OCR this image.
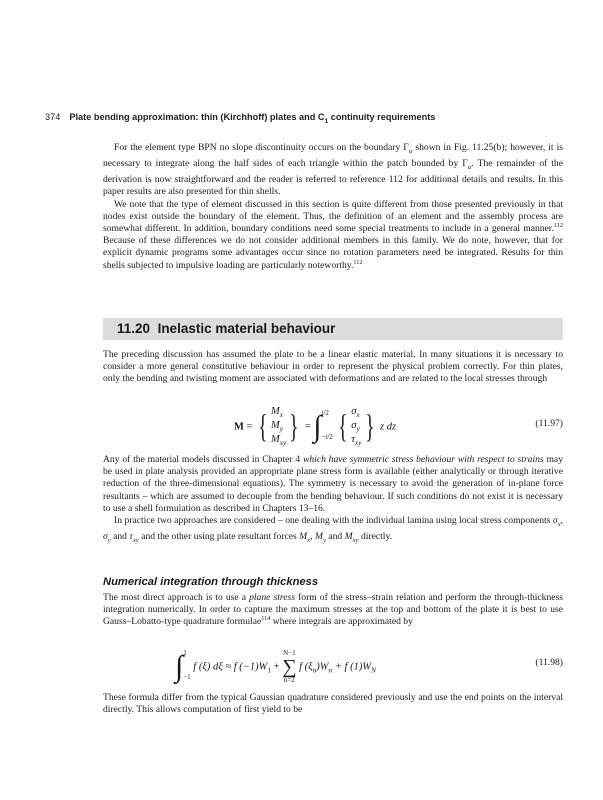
374 Plate bending approximation: thin (Kirchhoff) plates and $C_1$ continuity requirements

For the element type BPN no slope discontinuity occurs on the boundary $\Gamma_\alpha$ shown in Fig. 11.25(b); however, it is necessary to integrate along the half sides of each triangle within the patch bounded by $\Gamma_\alpha$. The remainder of the derivation is now straightforward and the reader is referred to reference 112 for additional details and results. In this paper results are also presented for thin shells.

We note that the type of element discussed in this section is quite different from those presented previously in that nodes exist outside the boundary of the element. Thus, the definition of an element and the assembly process are somewhat different. In addition, boundary conditions need some special treatments to include in a general manner.$^{112}$ Because of these differences we do not consider additional members in this family. We do note, however, that for explicit dynamic programs some advantages occur since no rotation parameters need be integrated. Results for thin shells subjected to impulsive loading are particularly noteworthy.$^{112}$

11.20 Inelastic material behaviour

The preceding discussion has assumed the plate to be a linear elastic material. In many situations it is necessary to consider a more general constitutive behaviour in order to represent the physical problem correctly. For thin plates, only the bending and twisting moment are associated with deformations and are related to the local stresses through

M = { $M_x$
$M_y$
$M_{xy}\} = \int t/2$
−t/2 { $\sigma_x$
$\sigma_y$
$\tau_{xy}$} z dz	(11.97)

Any of the material models discussed in Chapter 4 which have symmetric stress behaviour with respect to strains may be used in plate analysis provided an appropriate plane stress form is available (either analytically or through iterative reduction of the three-dimensional equations). The symmetry is necessary to avoid the generation of in-plane force resultants – which are assumed to decouple from the bending behaviour. If such conditions do not exist it is necessary to use a shell formulation as described in Chapters 13–16.

In practice two approaches are considered – one dealing with the individual lamina using local stress components $\sigma_x$, $\sigma_y$ and $\tau_{xy}$ and the other using plate resultant forces $M_x$, $M_y$ and $M_{xy}$ directly.

Numerical integration through thickness

The most direct approach is to use a plane stress form of the stress–strain relation and perform the through-thickness integration numerically. In order to capture the maximum stresses at the top and bottom of the plate it is best to use Gauss–Lobatto-type quadrature formulae$^{114}$ where integrals are approximated by

∫1
−1 f (ξ) dξ ≈ f $(-1)W_1$ +
N−1
∑
n=2
f $(\xi_n)W_n + f$ $(1)W_N$
(11.98)

These formula differ from the typical Gaussian quadrature considered previously and use the end points on the interval directly. This allows computation of first yield to be
